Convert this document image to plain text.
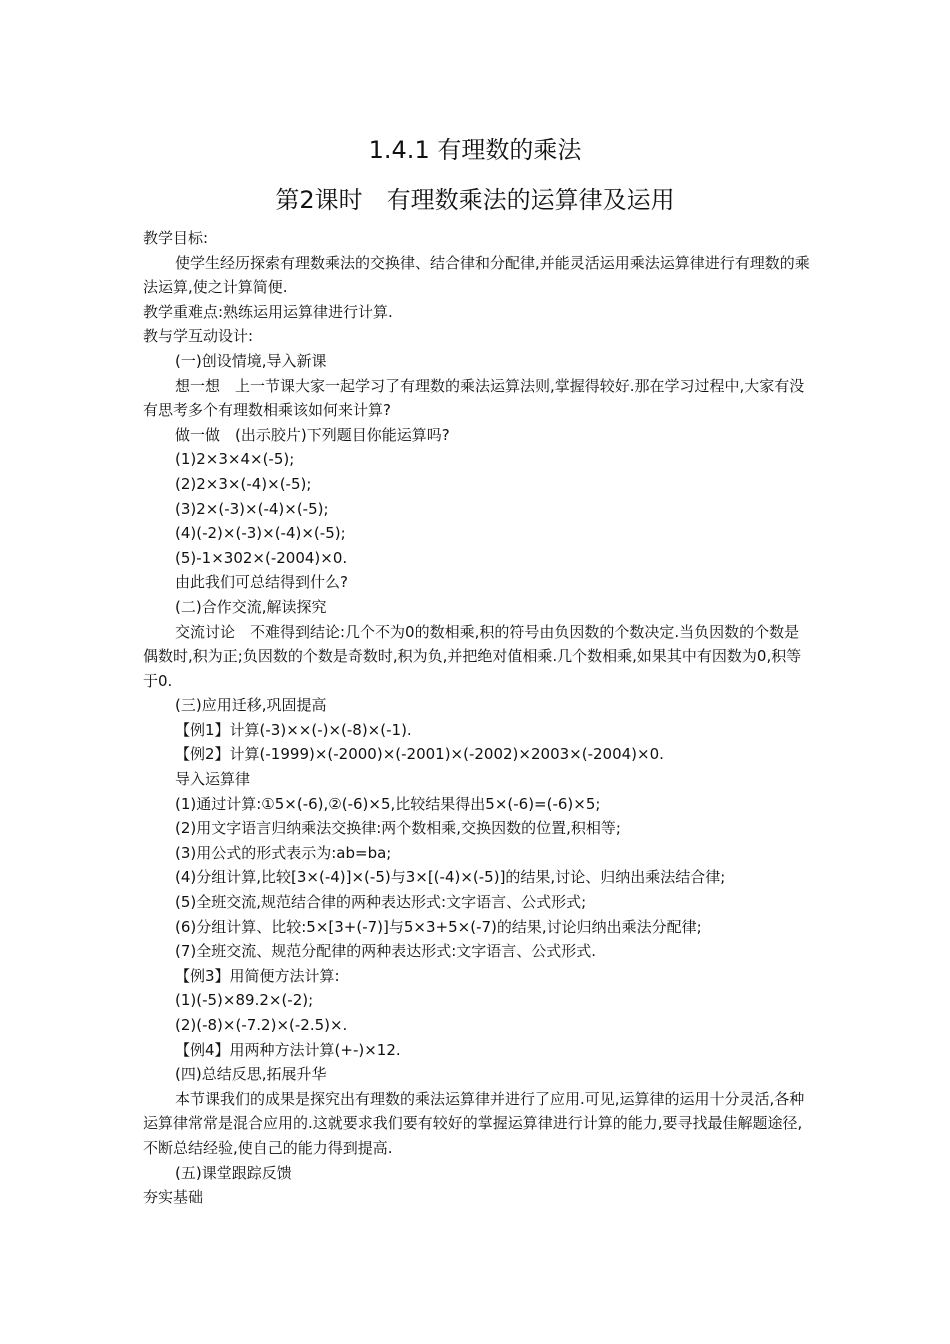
1.4.1 有理数的乘法
第2课时　有理数乘法的运算律及运用

教学目标:

使学生经历探索有理数乘法的交换律、结合律和分配律,并能灵活运用乘法运算律进行有理数的乘法运算,使之计算简便.

教学重难点:熟练运用运算律进行计算.

教与学互动设计:

(一)创设情境,导入新课

想一想　上一节课大家一起学习了有理数的乘法运算法则,掌握得较好.那在学习过程中,大家有没有思考多个有理数相乘该如何来计算?

做一做　(出示胶片)下列题目你能运算吗?

(1)2×3×4×(-5);

(2)2×3×(-4)×(-5);

(3)2×(-3)×(-4)×(-5);

(4)(-2)×(-3)×(-4)×(-5);

(5)-1×302×(-2004)×0.

由此我们可总结得到什么?

(二)合作交流,解读探究

交流讨论　不难得到结论:几个不为0的数相乘,积的符号由负因数的个数决定.当负因数的个数是偶数时,积为正;负因数的个数是奇数时,积为负,并把绝对值相乘.几个数相乘,如果其中有因数为0,积等于0.

(三)应用迁移,巩固提高

【例1】计算(-3)××(-)×(-8)×(-1).

【例2】计算(-1999)×(-2000)×(-2001)×(-2002)×2003×(-2004)×0.

导入运算律

(1)通过计算:①5×(-6),②(-6)×5,比较结果得出5×(-6)=(-6)×5;

(2)用文字语言归纳乘法交换律:两个数相乘,交换因数的位置,积相等;

(3)用公式的形式表示为:ab=ba;

(4)分组计算,比较[3×(-4)]×(-5)与3×[(-4)×(-5)]的结果,讨论、归纳出乘法结合律;

(5)全班交流,规范结合律的两种表达形式:文字语言、公式形式;

(6)分组计算、比较:5×[3+(-7)]与5×3+5×(-7)的结果,讨论归纳出乘法分配律;

(7)全班交流、规范分配律的两种表达形式:文字语言、公式形式.

【例3】用简便方法计算:

(1)(-5)×89.2×(-2);

(2)(-8)×(-7.2)×(-2.5)×.

【例4】用两种方法计算(+-)×12.

(四)总结反思,拓展升华

本节课我们的成果是探究出有理数的乘法运算律并进行了应用.可见,运算律的运用十分灵活,各种运算律常常是混合应用的.这就要求我们要有较好的掌握运算律进行计算的能力,要寻找最佳解题途径,不断总结经验,使自己的能力得到提高.

(五)课堂跟踪反馈

夯实基础
